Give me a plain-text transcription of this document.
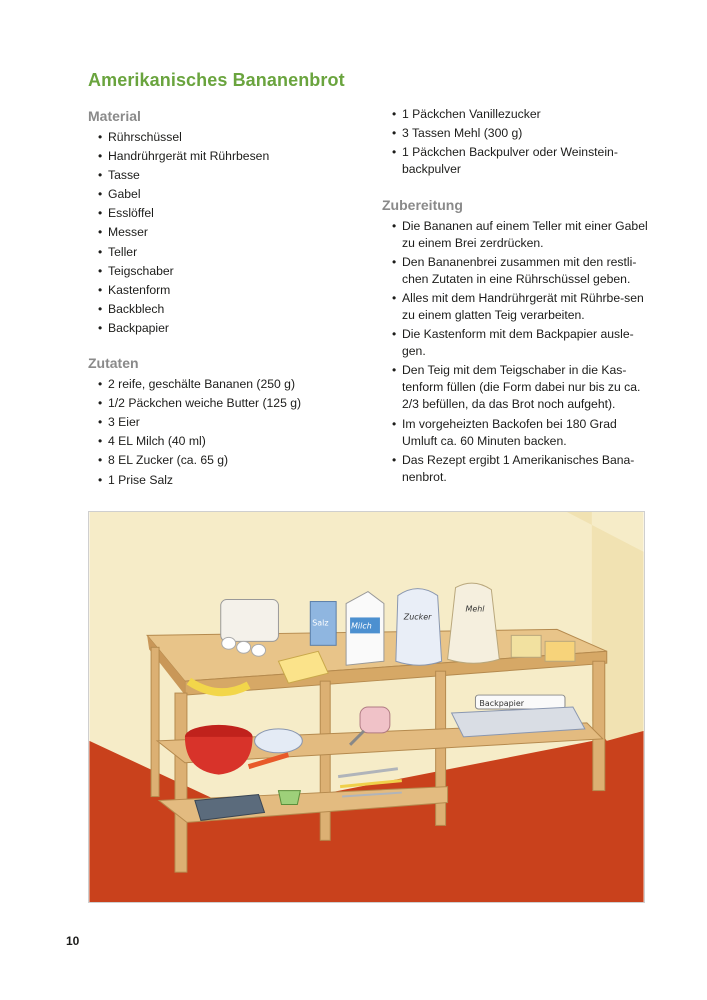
Amerikanisches Bananenbrot
Material
• Rührschüssel
• Handrührgerät mit Rührbesen
• Tasse
• Gabel
• Esslöffel
• Messer
• Teller
• Teigschaber
• Kastenform
• Backblech
• Backpapier
Zutaten
• 2 reife, geschälte Bananen (250 g)
• 1/2 Päckchen weiche Butter (125 g)
• 3 Eier
• 4 EL Milch (40 ml)
• 8 EL Zucker (ca. 65 g)
• 1 Prise Salz
• 1 Päckchen Vanillezucker
• 3 Tassen Mehl (300 g)
• 1 Päckchen Backpulver oder Weinstein-backpulver
Zubereitung
• Die Bananen auf einem Teller mit einer Gabel zu einem Brei zerdrücken.
• Den Bananenbrei zusammen mit den restli-chen Zutaten in eine Rührschüssel geben.
• Alles mit dem Handrührgerät mit Rührbe-sen zu einem glatten Teig verarbeiten.
• Die Kastenform mit dem Backpapier ausle-gen.
• Den Teig mit dem Teigschaber in die Kas-tenform füllen (die Form dabei nur bis zu ca. 2/3 befüllen, da das Brot noch aufgeht).
• Im vorgeheizten Backofen bei 180 Grad Umluft ca. 60 Minuten backen.
• Das Rezept ergibt 1 Amerikanisches Bana-nenbrot.
Salz	Milch
Zucker
Mehl
Backpapier
10
